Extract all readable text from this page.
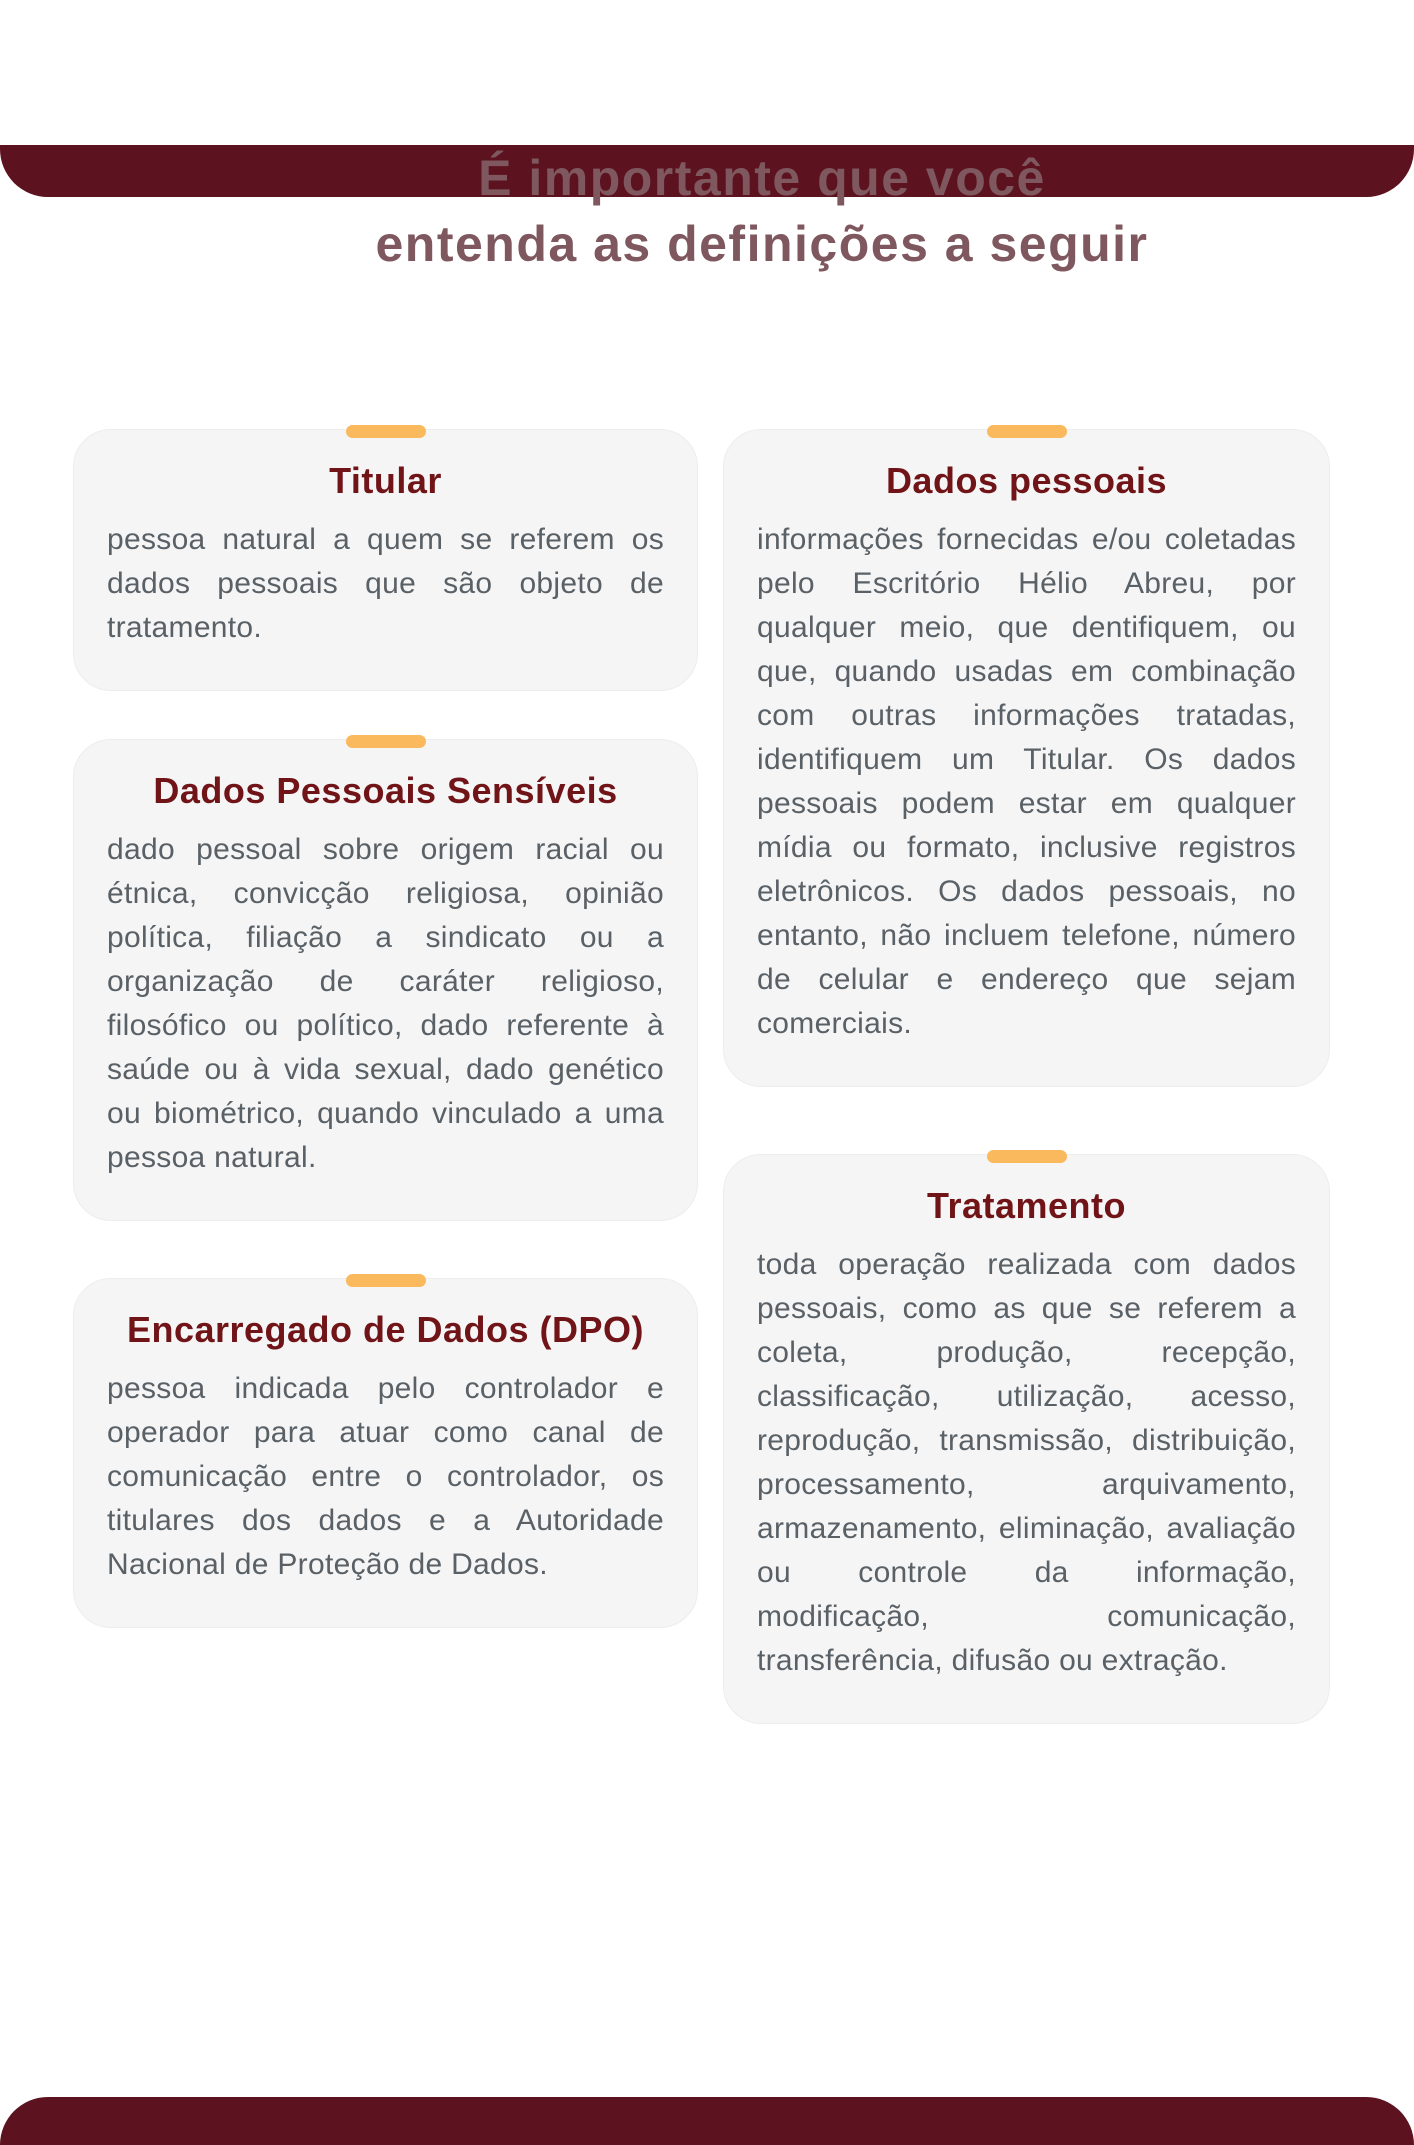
É importante que você
entenda as definições a seguir
Titular

pessoa natural a quem se referem os dados pessoais que são objeto de tratamento.

Dados Pessoais Sensíveis

dado pessoal sobre origem racial ou étnica, convicção religiosa, opinião política, filiação a sindicato ou a organização de caráter religioso, filosófico ou político, dado referente à saúde ou à vida sexual, dado genético ou biométrico, quando vinculado a uma pessoa natural.

Encarregado de Dados (DPO)

pessoa indicada pelo controlador e operador para atuar como canal de comunicação entre o controlador, os titulares dos dados e a Autoridade Nacional de Proteção de Dados.

Dados pessoais

informações fornecidas e/ou coletadas pelo Escritório Hélio Abreu, por qualquer meio, que dentifiquem, ou que, quando usadas em combinação com outras informações tratadas, identifiquem um Titular. Os dados pessoais podem estar em qualquer mídia ou formato, inclusive registros eletrônicos. Os dados pessoais, no entanto, não incluem telefone, número de celular e endereço que sejam comerciais.

Tratamento

toda operação realizada com dados pessoais, como as que se referem a coleta, produção, recepção, classificação, utilização, acesso, reprodução, transmissão, distribuição, processamento, arquivamento, armazenamento, eliminação, avaliação ou controle da informação, modificação, comunicação, transferência, difusão ou extração.
